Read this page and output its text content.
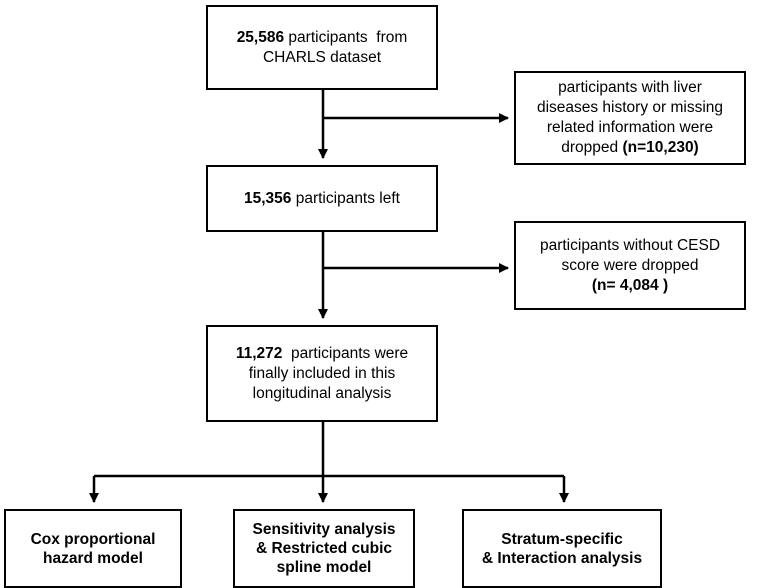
25,586 participants  from
CHARLS dataset
participants with liver
diseases history or missing
related information were
dropped (n=10,230)
15,356 participants left
participants without CESD
score were dropped
(n= 4,084 )
11,272  participants were
finally included in this
longitudinal analysis
Cox proportional
hazard model
Sensitivity analysis
& Restricted cubic
spline model
Stratum-specific
& Interaction analysis
